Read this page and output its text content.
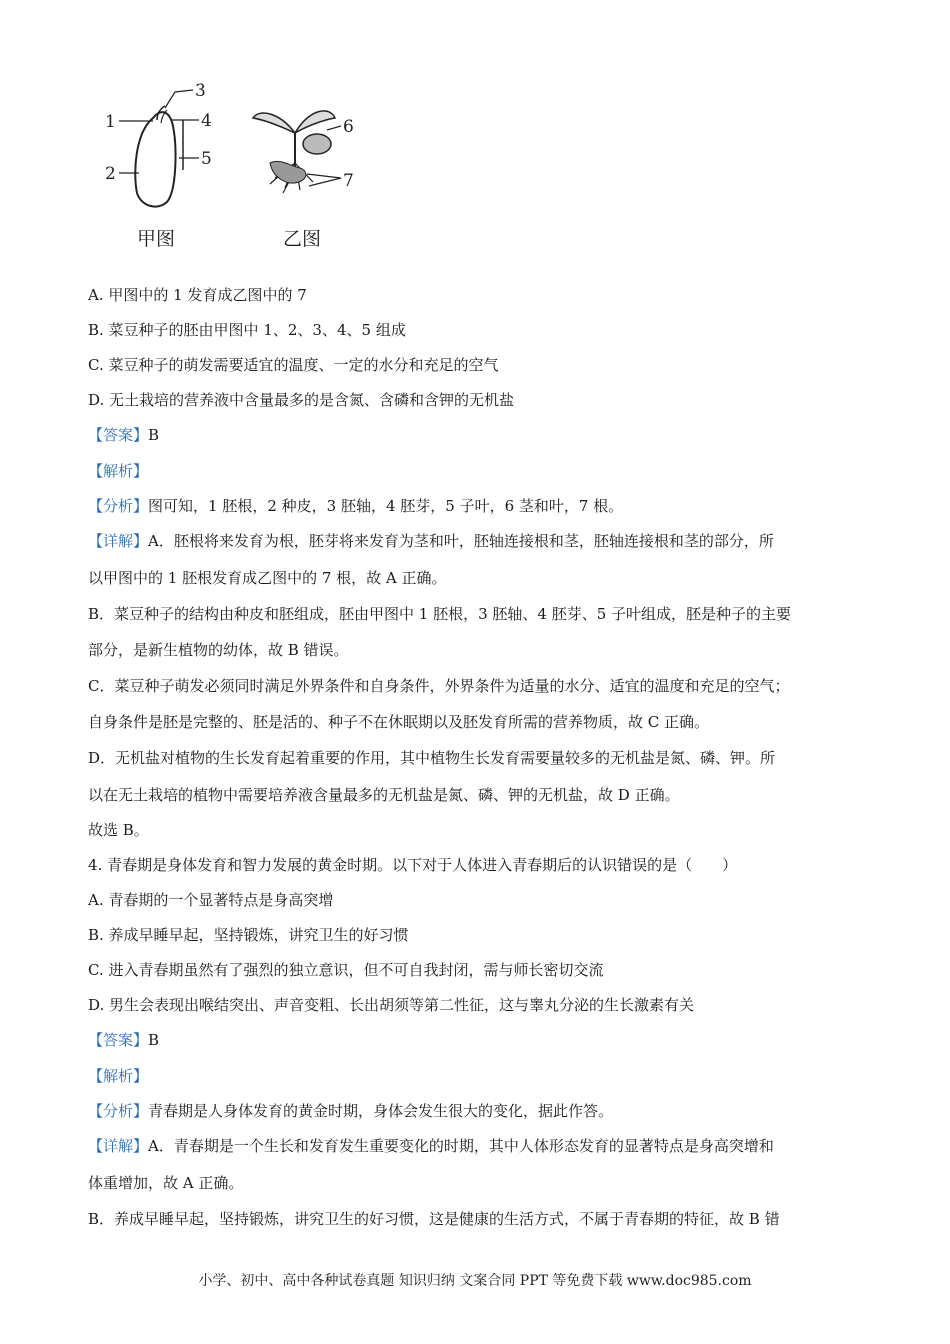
1
2
3
4
5
6
7
甲图	乙图
A. 甲图中的 1 发育成乙图中的 7
B. 菜豆种子的胚由甲图中 1、2、3、4、5 组成
C. 菜豆种子的萌发需要适宜的温度、一定的水分和充足的空气
D. 无土栽培的营养液中含量最多的是含氮、含磷和含钾的无机盐
【答案】B
【解析】
【分析】图可知，1 胚根，2 种皮，3 胚轴，4 胚芽，5 子叶，6 茎和叶，7 根。
【详解】A．胚根将来发育为根，胚芽将来发育为茎和叶，胚轴连接根和茎，胚轴连接根和茎的部分，所
以甲图中的 1 胚根发育成乙图中的 7 根，故 A 正确。
B．菜豆种子的结构由种皮和胚组成，胚由甲图中 1 胚根，3 胚轴、4 胚芽、5 子叶组成，胚是种子的主要
部分，是新生植物的幼体，故 B 错误。
C．菜豆种子萌发必须同时满足外界条件和自身条件，外界条件为适量的水分、适宜的温度和充足的空气；
自身条件是胚是完整的、胚是活的、种子不在休眠期以及胚发育所需的营养物质，故 C 正确。
D．无机盐对植物的生长发育起着重要的作用，其中植物生长发育需要量较多的无机盐是氮、磷、钾。所
以在无土栽培的植物中需要培养液含量最多的无机盐是氮、磷、钾的无机盐，故 D 正确。
故选 B。
4. 青春期是身体发育和智力发展的黄金时期。以下对于人体进入青春期后的认识错误的是（　　）
A. 青春期的一个显著特点是身高突增
B. 养成早睡早起，坚持锻炼，讲究卫生的好习惯
C. 进入青春期虽然有了强烈的独立意识，但不可自我封闭，需与师长密切交流
D. 男生会表现出喉结突出、声音变粗、长出胡须等第二性征，这与睾丸分泌的生长激素有关
【答案】B
【解析】
【分析】青春期是人身体发育的黄金时期，身体会发生很大的变化，据此作答。
【详解】A．青春期是一个生长和发育发生重要变化的时期，其中人体形态发育的显著特点是身高突增和
体重增加，故 A 正确。
B．养成早睡早起，坚持锻炼，讲究卫生的好习惯，这是健康的生活方式，不属于青春期的特征，故 B 错
小学、初中、高中各种试卷真题 知识归纳 文案合同 PPT 等免费下载 www.doc985.com
